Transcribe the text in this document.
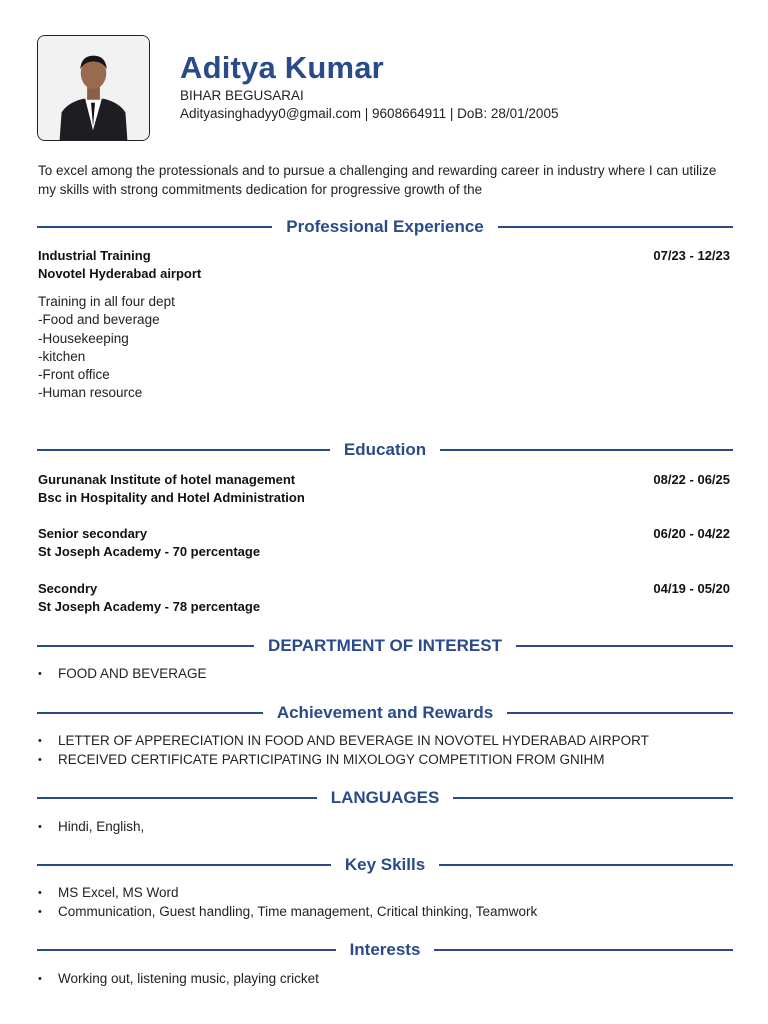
Aditya Kumar
BIHAR BEGUSARAI
Adityasinghadyy0@gmail.com | 9608664911 | DoB: 28/01/2005
To excel among the protessionals and to pursue a challenging and rewarding career in industry where I can utilize my skills with strong commitments dedication for progressive growth of the
Professional Experience
Industrial Training
Novotel Hyderabad airport
07/23 - 12/23
Training in all four dept
-Food and beverage
-Housekeeping
-kitchen
-Front office
-Human resource
Education
Gurunanak Institute of hotel management
Bsc in Hospitality and Hotel Administration
08/22 - 06/25
Senior secondary
St Joseph Academy - 70 percentage
06/20 - 04/22
Secondry
St Joseph Academy - 78 percentage
04/19 - 05/20
DEPARTMENT OF INTEREST
• FOOD AND BEVERAGE
Achievement and Rewards
• LETTER OF APPERECIATION IN FOOD AND BEVERAGE IN NOVOTEL HYDERABAD AIRPORT
• RECEIVED CERTIFICATE PARTICIPATING IN MIXOLOGY COMPETITION FROM GNIHM
LANGUAGES
• Hindi, English,
Key Skills
• MS Excel, MS Word
• Communication, Guest handling, Time management, Critical thinking, Teamwork
Interests
• Working out, listening music, playing cricket
